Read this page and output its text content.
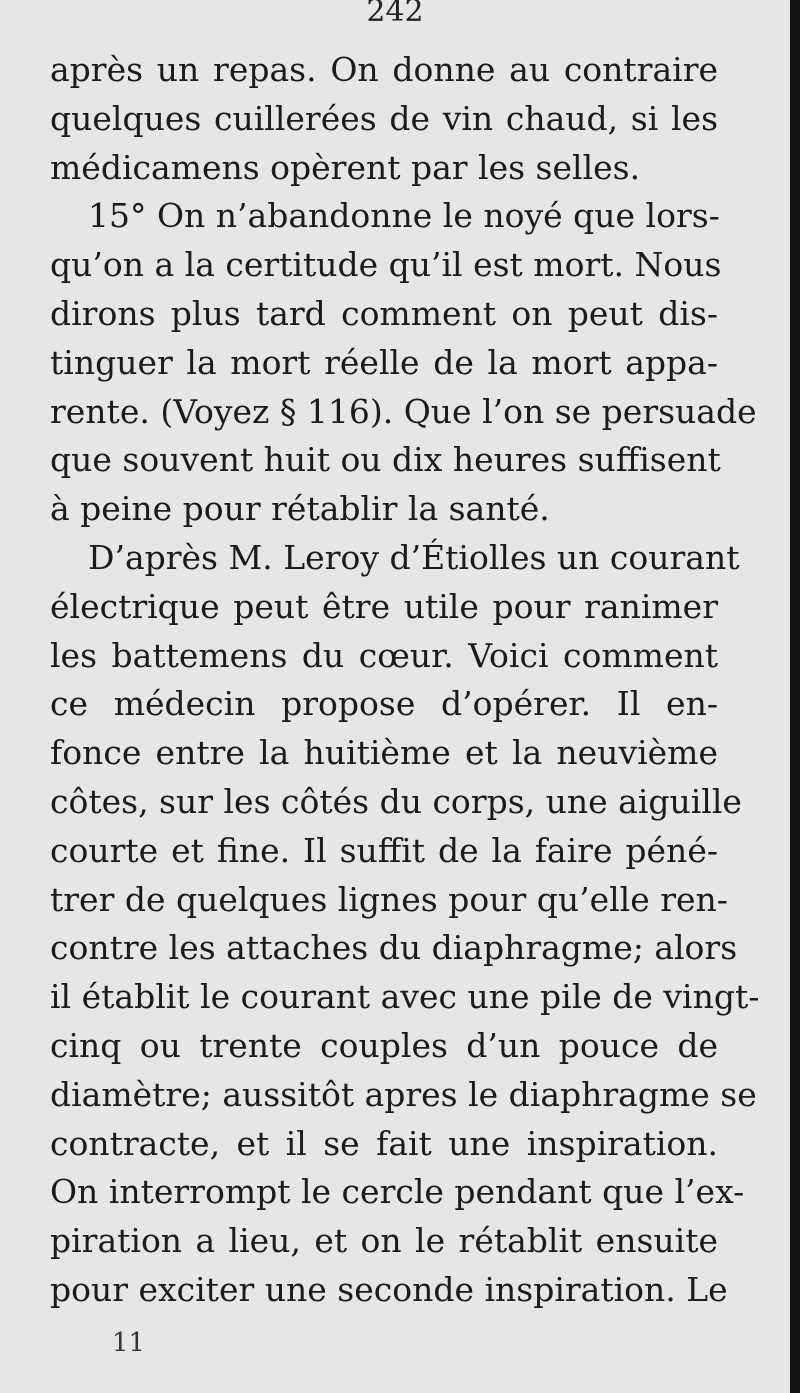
242
après un repas. On donne au contraire
quelques cuillerées de vin chaud, si les
médicamens opèrent par les selles.
15° On n’abandonne le noyé que lors-
qu’on a la certitude qu’il est mort. Nous
dirons plus tard comment on peut dis-
tinguer la mort réelle de la mort appa-
rente. (Voyez § 116). Que l’on se persuade
que souvent huit ou dix heures suffisent
à peine pour rétablir la santé.
D’après M. Leroy d’Étiolles un courant
électrique peut être utile pour ranimer
les battemens du cœur. Voici comment
ce médecin propose d’opérer. Il en-
fonce entre la huitième et la neuvième
côtes, sur les côtés du corps, une aiguille
courte et fine. Il suffit de la faire péné-
trer de quelques lignes pour qu’elle ren-
contre les attaches du diaphragme; alors
il établit le courant avec une pile de vingt-
cinq ou trente couples d’un pouce de
diamètre; aussitôt apres le diaphragme se
contracte, et il se fait une inspiration.
On interrompt le cercle pendant que l’ex-
piration a lieu, et on le rétablit ensuite
pour exciter une seconde inspiration. Le
11
